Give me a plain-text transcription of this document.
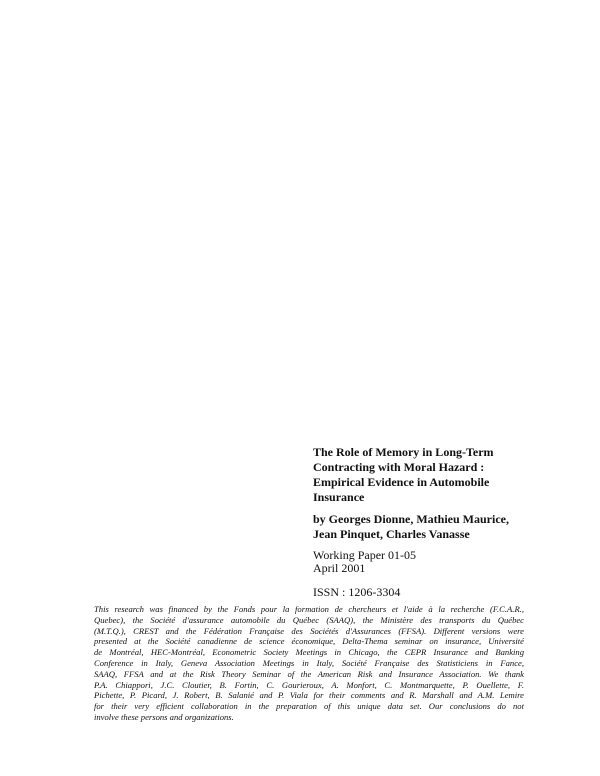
The Role of Memory in Long-Term
Contracting with Moral Hazard :
Empirical Evidence in Automobile
Insurance

by Georges Dionne, Mathieu Maurice,
Jean Pinquet, Charles Vanasse

Working Paper 01-05
April 2001

ISSN : 1206-3304

This research was financed by the Fonds pour la formation de chercheurs et l'aide à la recherche (F.C.A.R.,
Quebec), the Société d'assurance automobile du Québec (SAAQ), the Ministère des transports du Québec
(M.T.Q.), CREST and the Fédération Française des Sociétés d'Assurances (FFSA). Different versions were
presented at the Société canadienne de science économique, Delta-Thema seminar on insurance, Université
de Montréal, HEC-Montréal, Econometric Society Meetings in Chicago, the CEPR Insurance and Banking
Conference in Italy, Geneva Association Meetings in Italy, Société Française des Statisticiens in Fance,
SAAQ, FFSA and at the Risk Theory Seminar of the American Risk and Insurance Association. We thank
P.A. Chiappori, J.C. Cloutier, B. Fortin, C. Gourieroux, A. Monfort, C. Montmarquette, P. Ouellette, F.
Pichette, P. Picard, J. Robert, B. Salanié and P. Viala for their comments and R. Marshall and A.M. Lemire
for their very efficient collaboration in the preparation of this unique data set. Our conclusions do not
involve these persons and organizations.
